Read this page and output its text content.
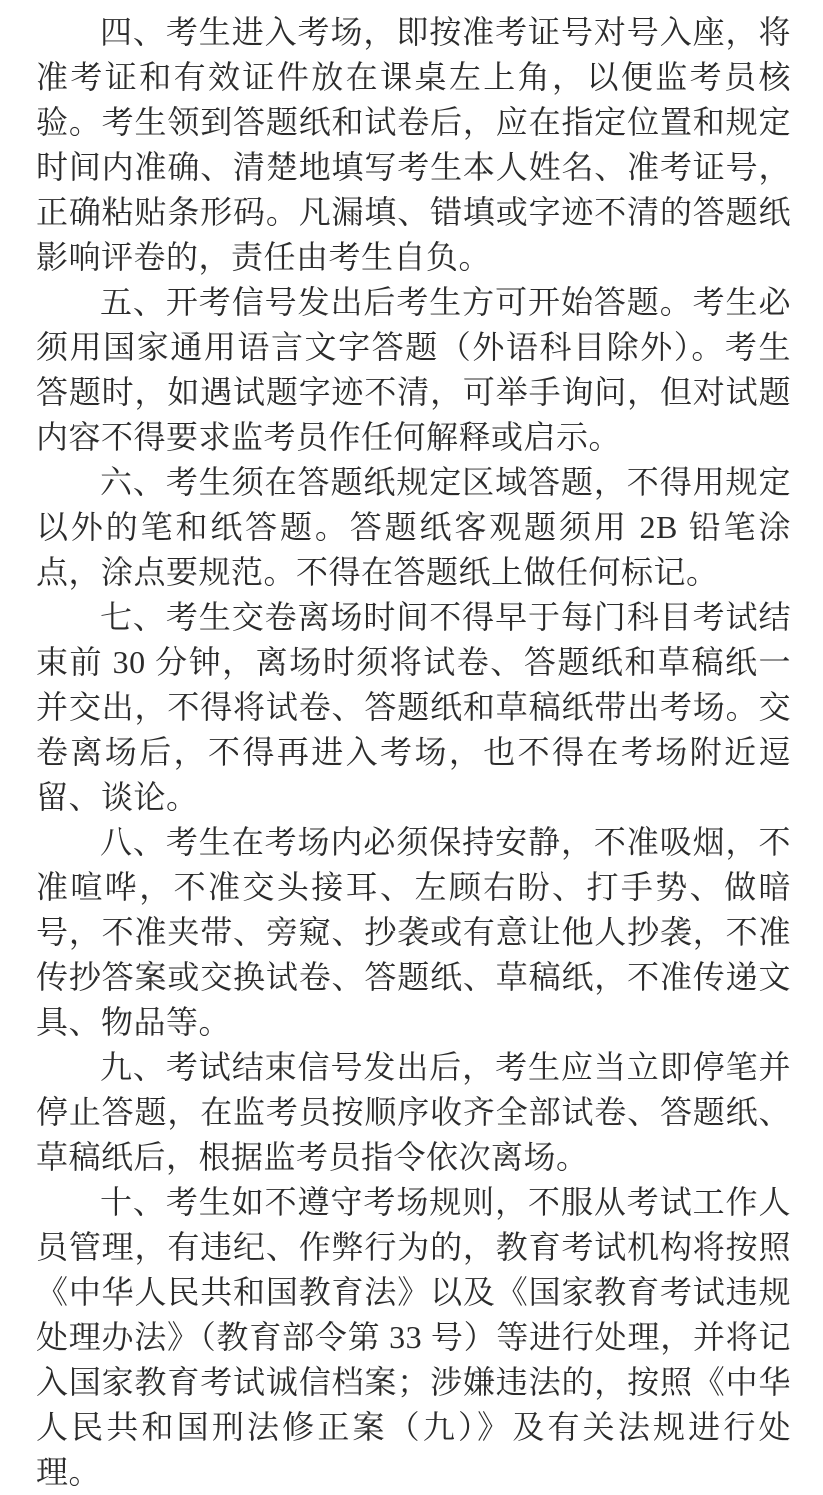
四、考生进入考场，即按准考证号对号入座，将准考证和有效证件放在课桌左上角，以便监考员核验。考生领到答题纸和试卷后，应在指定位置和规定时间内准确、清楚地填写考生本人姓名、准考证号，正确粘贴条形码。凡漏填、错填或字迹不清的答题纸影响评卷的，责任由考生自负。

五、开考信号发出后考生方可开始答题。考生必须用国家通用语言文字答题（外语科目除外）。考生答题时，如遇试题字迹不清，可举手询问，但对试题内容不得要求监考员作任何解释或启示。

六、考生须在答题纸规定区域答题，不得用规定以外的笔和纸答题。答题纸客观题须用 2B 铅笔涂点，涂点要规范。不得在答题纸上做任何标记。

七、考生交卷离场时间不得早于每门科目考试结束前 30 分钟，离场时须将试卷、答题纸和草稿纸一并交出，不得将试卷、答题纸和草稿纸带出考场。交卷离场后，不得再进入考场，也不得在考场附近逗留、谈论。

八、考生在考场内必须保持安静，不准吸烟，不准喧哗，不准交头接耳、左顾右盼、打手势、做暗号，不准夹带、旁窥、抄袭或有意让他人抄袭，不准传抄答案或交换试卷、答题纸、草稿纸，不准传递文具、物品等。

九、考试结束信号发出后，考生应当立即停笔并停止答题，在监考员按顺序收齐全部试卷、答题纸、草稿纸后，根据监考员指令依次离场。

十、考生如不遵守考场规则，不服从考试工作人员管理，有违纪、作弊行为的，教育考试机构将按照《中华人民共和国教育法》以及《国家教育考试违规处理办法》（教育部令第 33 号）等进行处理，并将记入国家教育考试诚信档案；涉嫌违法的，按照《中华人民共和国刑法修正案（九）》及有关法规进行处理。
